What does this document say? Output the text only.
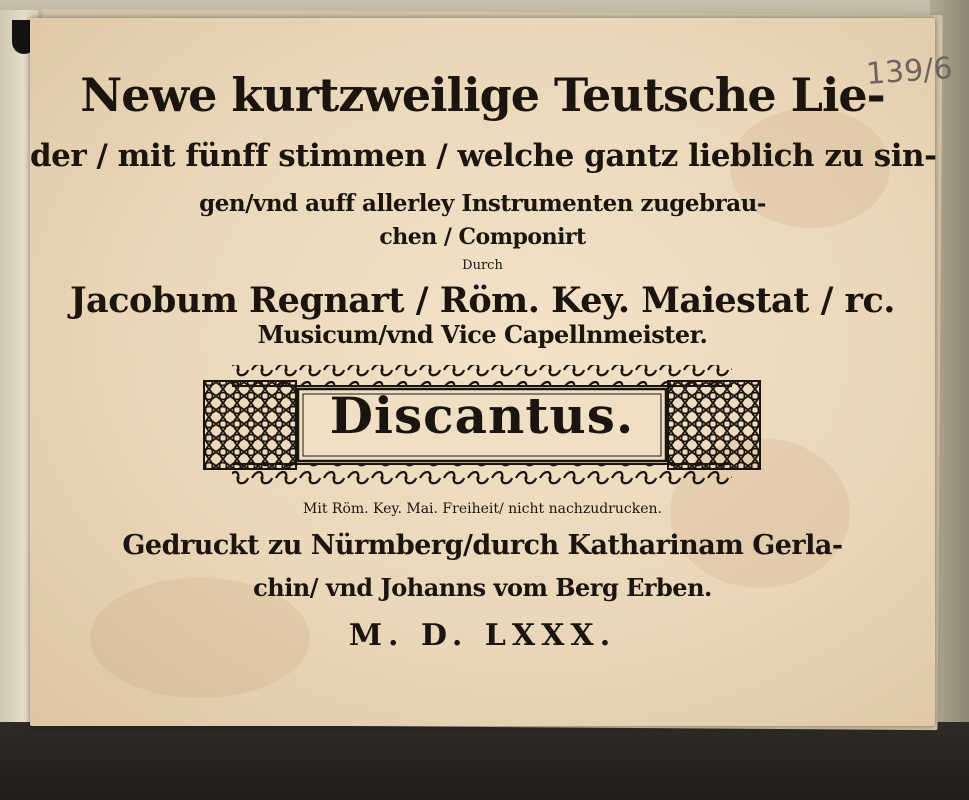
139/6

Newe kurtzweilige Teutsche Lie-

der / mit fünff stimmen / welche gantz lieblich zu sin-

gen/vnd auff allerley Instrumenten zugebrau-

chen / Componirt

Durch

Jacobum Regnart / Röm. Key. Maiestat / rc.

Musicum/vnd Vice Capellnmeister.

Discantus.

Mit Röm. Key. Mai. Freiheit/ nicht nachzudrucken.

Gedruckt zu Nürmberg/durch Katharinam Gerla-

chin/ vnd Johanns vom Berg Erben.

M. D. LXXX.
